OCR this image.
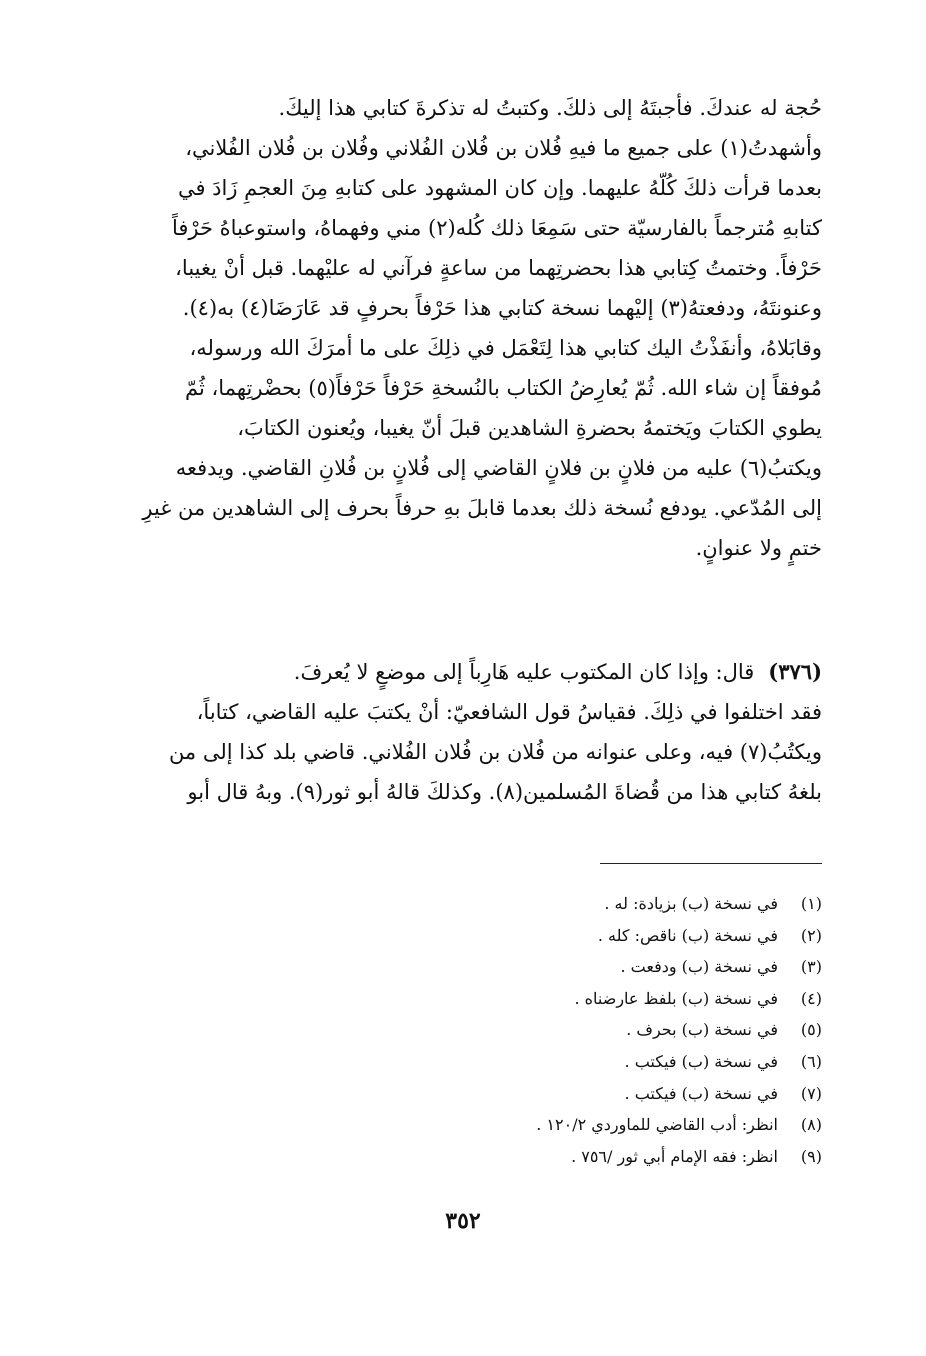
حُجة له عندكَ. فأجبتَهُ إلى ذلكَ. وكتبتُ له تذكرةَ كتابي هذا إليكَ.
وأشهدتُ(١) على جميع ما فيهِ فُلان بن فُلان الفُلاني وفُلان بن فُلان الفُلاني،
بعدما قرأت ذلكَ كُلّهُ عليهما. وإن كان المشهود على كتابهِ مِنَ العجمِ زَادَ في
كتابهِ مُترجماً بالفارسيّة حتى سَمِعَا ذلك كُله(٢) مني وفهماهُ، واستوعباهُ حَرْفاً
حَرْفاً. وختمتُ كِتابي هذا بحضرتِهما من ساعةٍ فرآني له عليْهما. قبل أنْ يغيبا،
وعنونتَهُ، ودفعتهُ(٣) إليْهما نسخة كتابي هذا حَرْفاً بحرفٍ قد عَارَضَا(٤) به(٤).
وقابَلاهُ، وأنفَذْتُ اليك كتابي هذا لِتَعْمَل في ذلِكَ على ما أمرَكَ الله ورسوله،
مُوفقاً إن شاء الله. ثُمّ يُعارِضُ الكتاب بالنُسخةِ حَرْفاً حَرْفاً(٥) بحضْرتِهما، ثُمّ
يطوي الكتابَ ويَختمهُ بحضرةِ الشاهدين قبلَ أنّ يغيبا، ويُعنون الكتابَ،
ويكتبُ(٦) عليه من فلانٍ بن فلانٍ القاضي إلى فُلانٍ بن فُلانِ القاضي. ويدفعه
إلى المُدّعي. يودفع نُسخة ذلك بعدما قابلَ بهِ حرفاً بحرف إلى الشاهدين من غيرِ
ختمٍ ولا عنوانٍ.
(٣٧٦)قال: وإذا كان المكتوب عليه هَارِباً إلى موضعٍ لا يُعرفَ.
فقد اختلفوا في ذلِكَ. فقياسُ قول الشافعيّ: أنْ يكتبَ عليه القاضي، كتاباً،
ويكتُبُ(٧) فيه، وعلى عنوانه من فُلان بن فُلان الفُلاني. قاضي بلد كذا إلى من
بلغهُ كتابي هذا من قُضاةَ المُسلمين(٨). وكذلكَ قالهُ أبو ثور(٩). وبهُ قال أبو
(١)في نسخة (ب) بزيادة: له .
(٢)في نسخة (ب) ناقص: كله .
(٣)في نسخة (ب) ودفعت .
(٤)في نسخة (ب) بلفظ عارضناه .
(٥)في نسخة (ب) بحرف .
(٦)في نسخة (ب) فيكتب .
(٧)في نسخة (ب) فيكتب .
(٨)انظر: أدب القاضي للماوردي ١٢٠/٢ .
(٩)انظر: فقه الإمام أبي ثور /٧٥٦ .
٣٥٢
